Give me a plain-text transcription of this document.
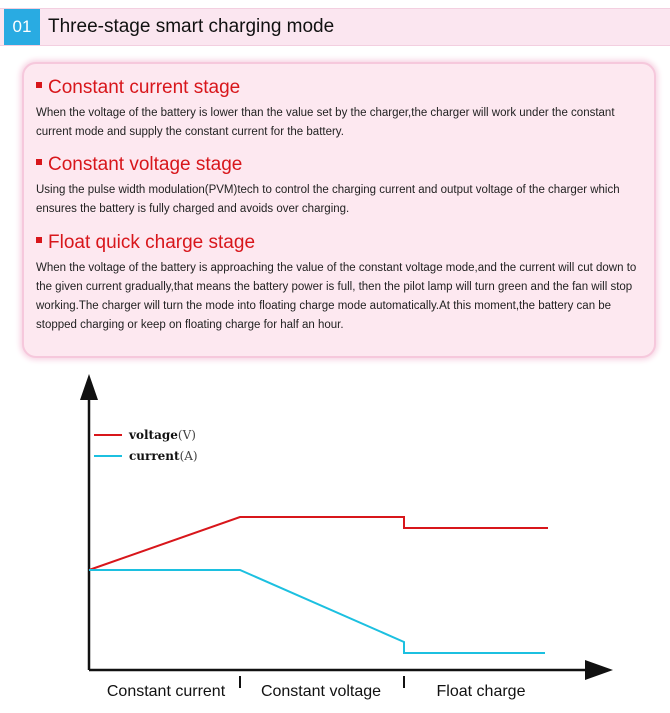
01 Three-stage smart charging mode
Constant current stage
When the voltage of the battery is lower than the value set by the charger,the charger will work under the constant current mode and supply the constant current for the battery.
Constant voltage stage
Using the pulse width modulation(PVM)tech to control the charging current and output voltage of the charger which ensures the battery is fully charged and avoids over charging.
Float quick charge stage
When the voltage of the battery is approaching the value of the constant voltage mode,and the current will cut down to the given current gradually,that means the battery power is full, then the pilot lamp will turn green and the fan will stop working.The charger will turn the mode into floating charge mode automatically.At this moment,the battery can be stopped charging or keep on floating charge for half an hour.
Constant current Constant voltage	Float charge
voltage(V)
current(A)
